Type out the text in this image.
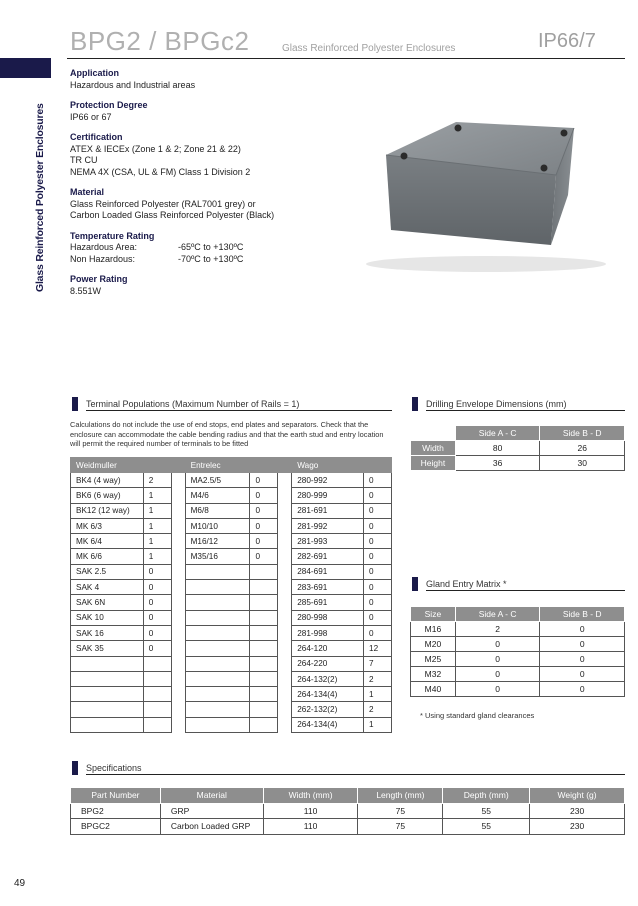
Glass Reinforced Polyester Enclosures
BPG2 / BPGc2	Glass Reinforced Polyester Enclosures	IP66/7
Application
Hazardous and Industrial areas
Protection Degree
IP66 or 67
Certification
ATEX & IECEx (Zone 1 & 2; Zone 21 & 22)
TR CU
NEMA 4X (CSA, UL & FM) Class 1 Division 2
Material
Glass Reinforced Polyester (RAL7001 grey) or
Carbon Loaded Glass Reinforced Polyester (Black)
Temperature Rating
Hazardous Area:	-65ºC to +130ºC
Non Hazardous:	-70ºC to +130ºC
Power Rating
8.551W
Terminal Populations (Maximum Number of Rails = 1)
Calculations do not include the use of end stops, end plates and separators. Check that the enclosure can accommodate the cable bending radius and that the earth stud and entry location will permit the required number of terminals to be fitted
Weidmuller			Entrelec			Wago	
BK4 (4 way)	2		MA2.5/5	0		280-992	0
BK6 (6 way)	1		M4/6	0		280-999	0
BK12 (12 way)	1		M6/8	0		281-691	0
MK 6/3	1		M10/10	0		281-992	0
MK 6/4	1		M16/12	0		281-993	0
MK 6/6	1		M35/16	0		282-691	0
SAK 2.5	0					284-691	0
SAK 4	0					283-691	0
SAK 6N	0					285-691	0
SAK 10	0					280-998	0
SAK 16	0					281-998	0
SAK 35	0					264-120	12
						264-220	7
						264-132(2)	2
						264-134(4)	1
						262-132(2)	2
						264-134(4)	1
Drilling Envelope Dimensions (mm)
	Side A - C	Side B - D
Width	80	26
Height	36	30
Gland Entry Matrix *
Size	Side A - C	Side B - D
M16	2	0
M20	0	0
M25	0	0
M32	0	0
M40	0	0
* Using standard gland clearances
Specifications
Part Number	Material	Width (mm)	Length (mm)	Depth (mm)	Weight (g)
BPG2	GRP	110	75	55	230
BPGC2	Carbon Loaded GRP	110	75	55	230
49
